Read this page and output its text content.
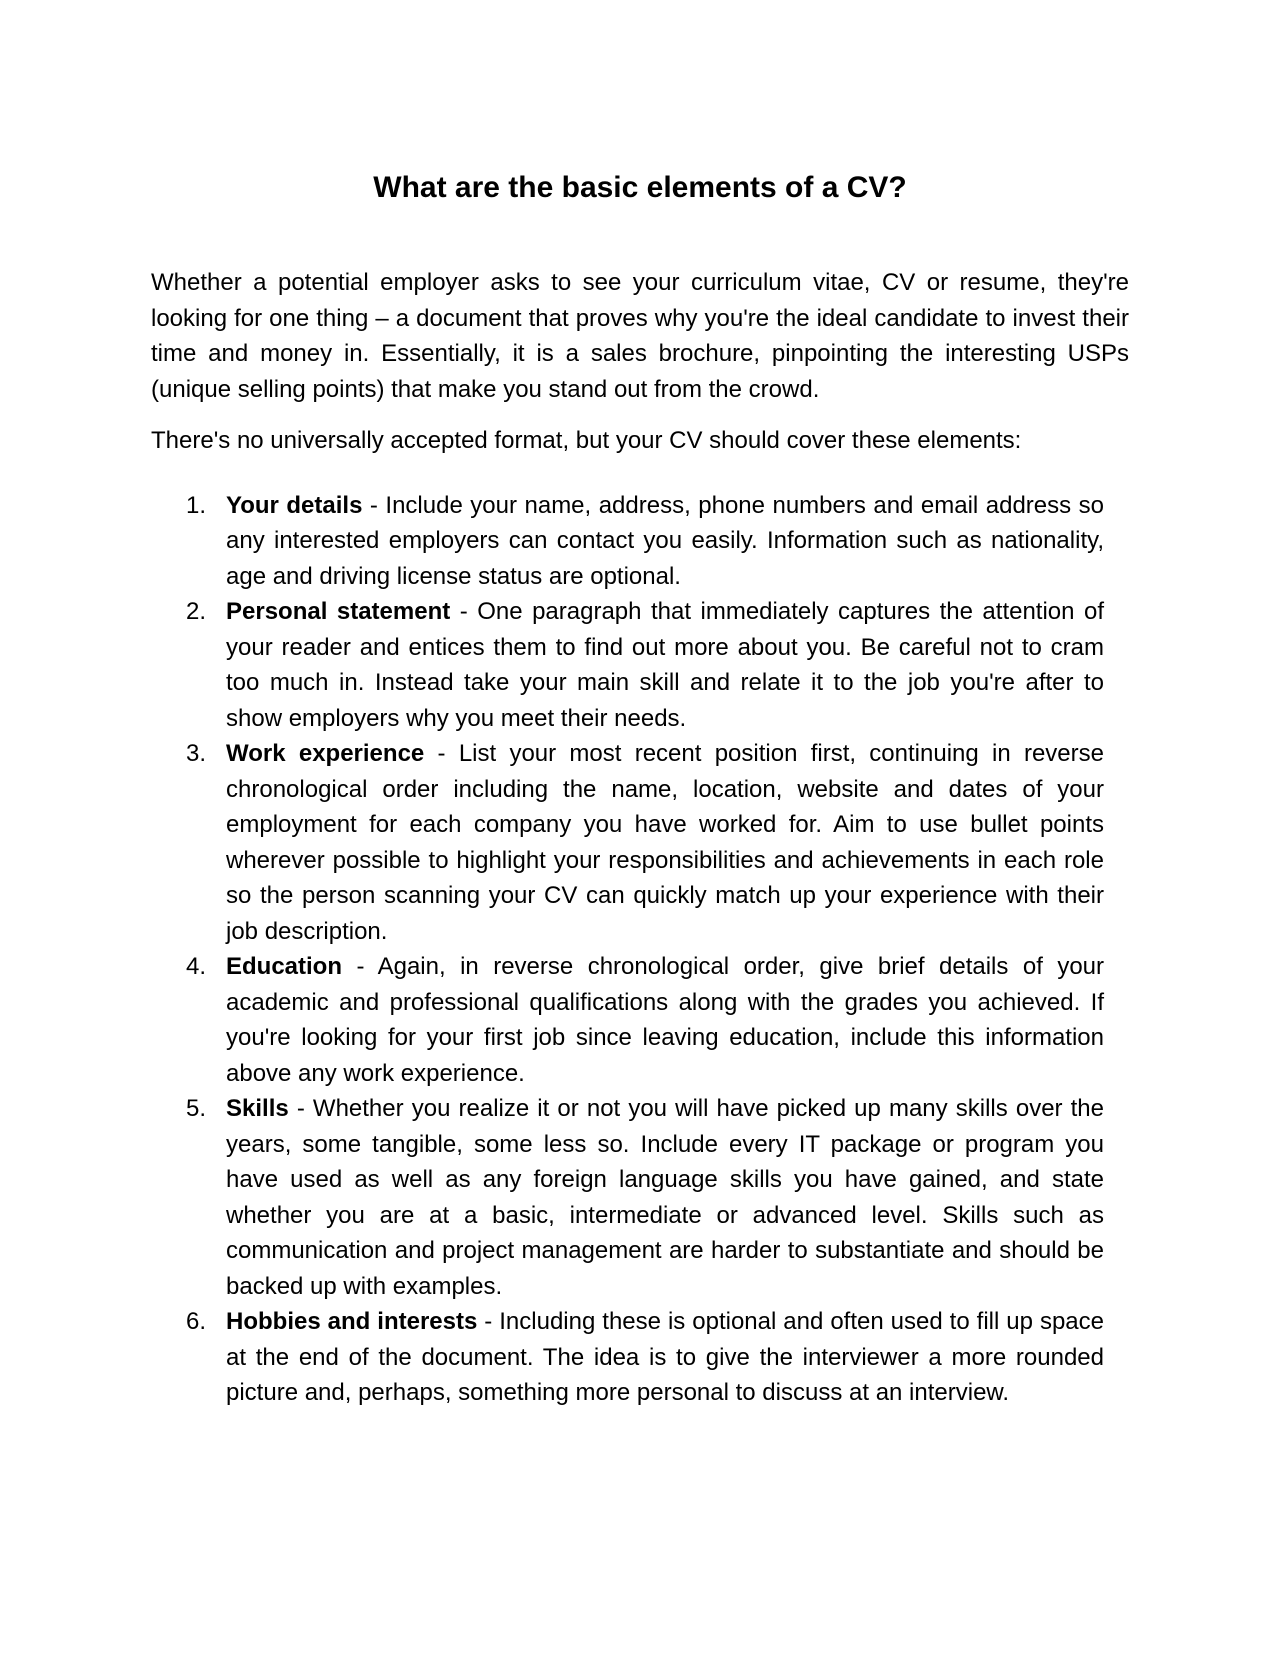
What are the basic elements of a CV?

Whether a potential employer asks to see your curriculum vitae, CV or resume, they're looking for one thing – a document that proves why you're the ideal candidate to invest their time and money in. Essentially, it is a sales brochure, pinpointing the interesting USPs (unique selling points) that make you stand out from the crowd.

There's no universally accepted format, but your CV should cover these elements:

1. Your details - Include your name, address, phone numbers and email address so any interested employers can contact you easily. Information such as nationality, age and driving license status are optional.
2. Personal statement - One paragraph that immediately captures the attention of your reader and entices them to find out more about you. Be careful not to cram too much in. Instead take your main skill and relate it to the job you're after to show employers why you meet their needs.
3. Work experience - List your most recent position first, continuing in reverse chronological order including the name, location, website and dates of your employment for each company you have worked for. Aim to use bullet points wherever possible to highlight your responsibilities and achievements in each role so the person scanning your CV can quickly match up your experience with their job description.
4. Education - Again, in reverse chronological order, give brief details of your academic and professional qualifications along with the grades you achieved. If you're looking for your first job since leaving education, include this information above any work experience.
5. Skills - Whether you realize it or not you will have picked up many skills over the years, some tangible, some less so. Include every IT package or program you have used as well as any foreign language skills you have gained, and state whether you are at a basic, intermediate or advanced level. Skills such as communication and project management are harder to substantiate and should be backed up with examples.
6. Hobbies and interests - Including these is optional and often used to fill up space at the end of the document. The idea is to give the interviewer a more rounded picture and, perhaps, something more personal to discuss at an interview.
